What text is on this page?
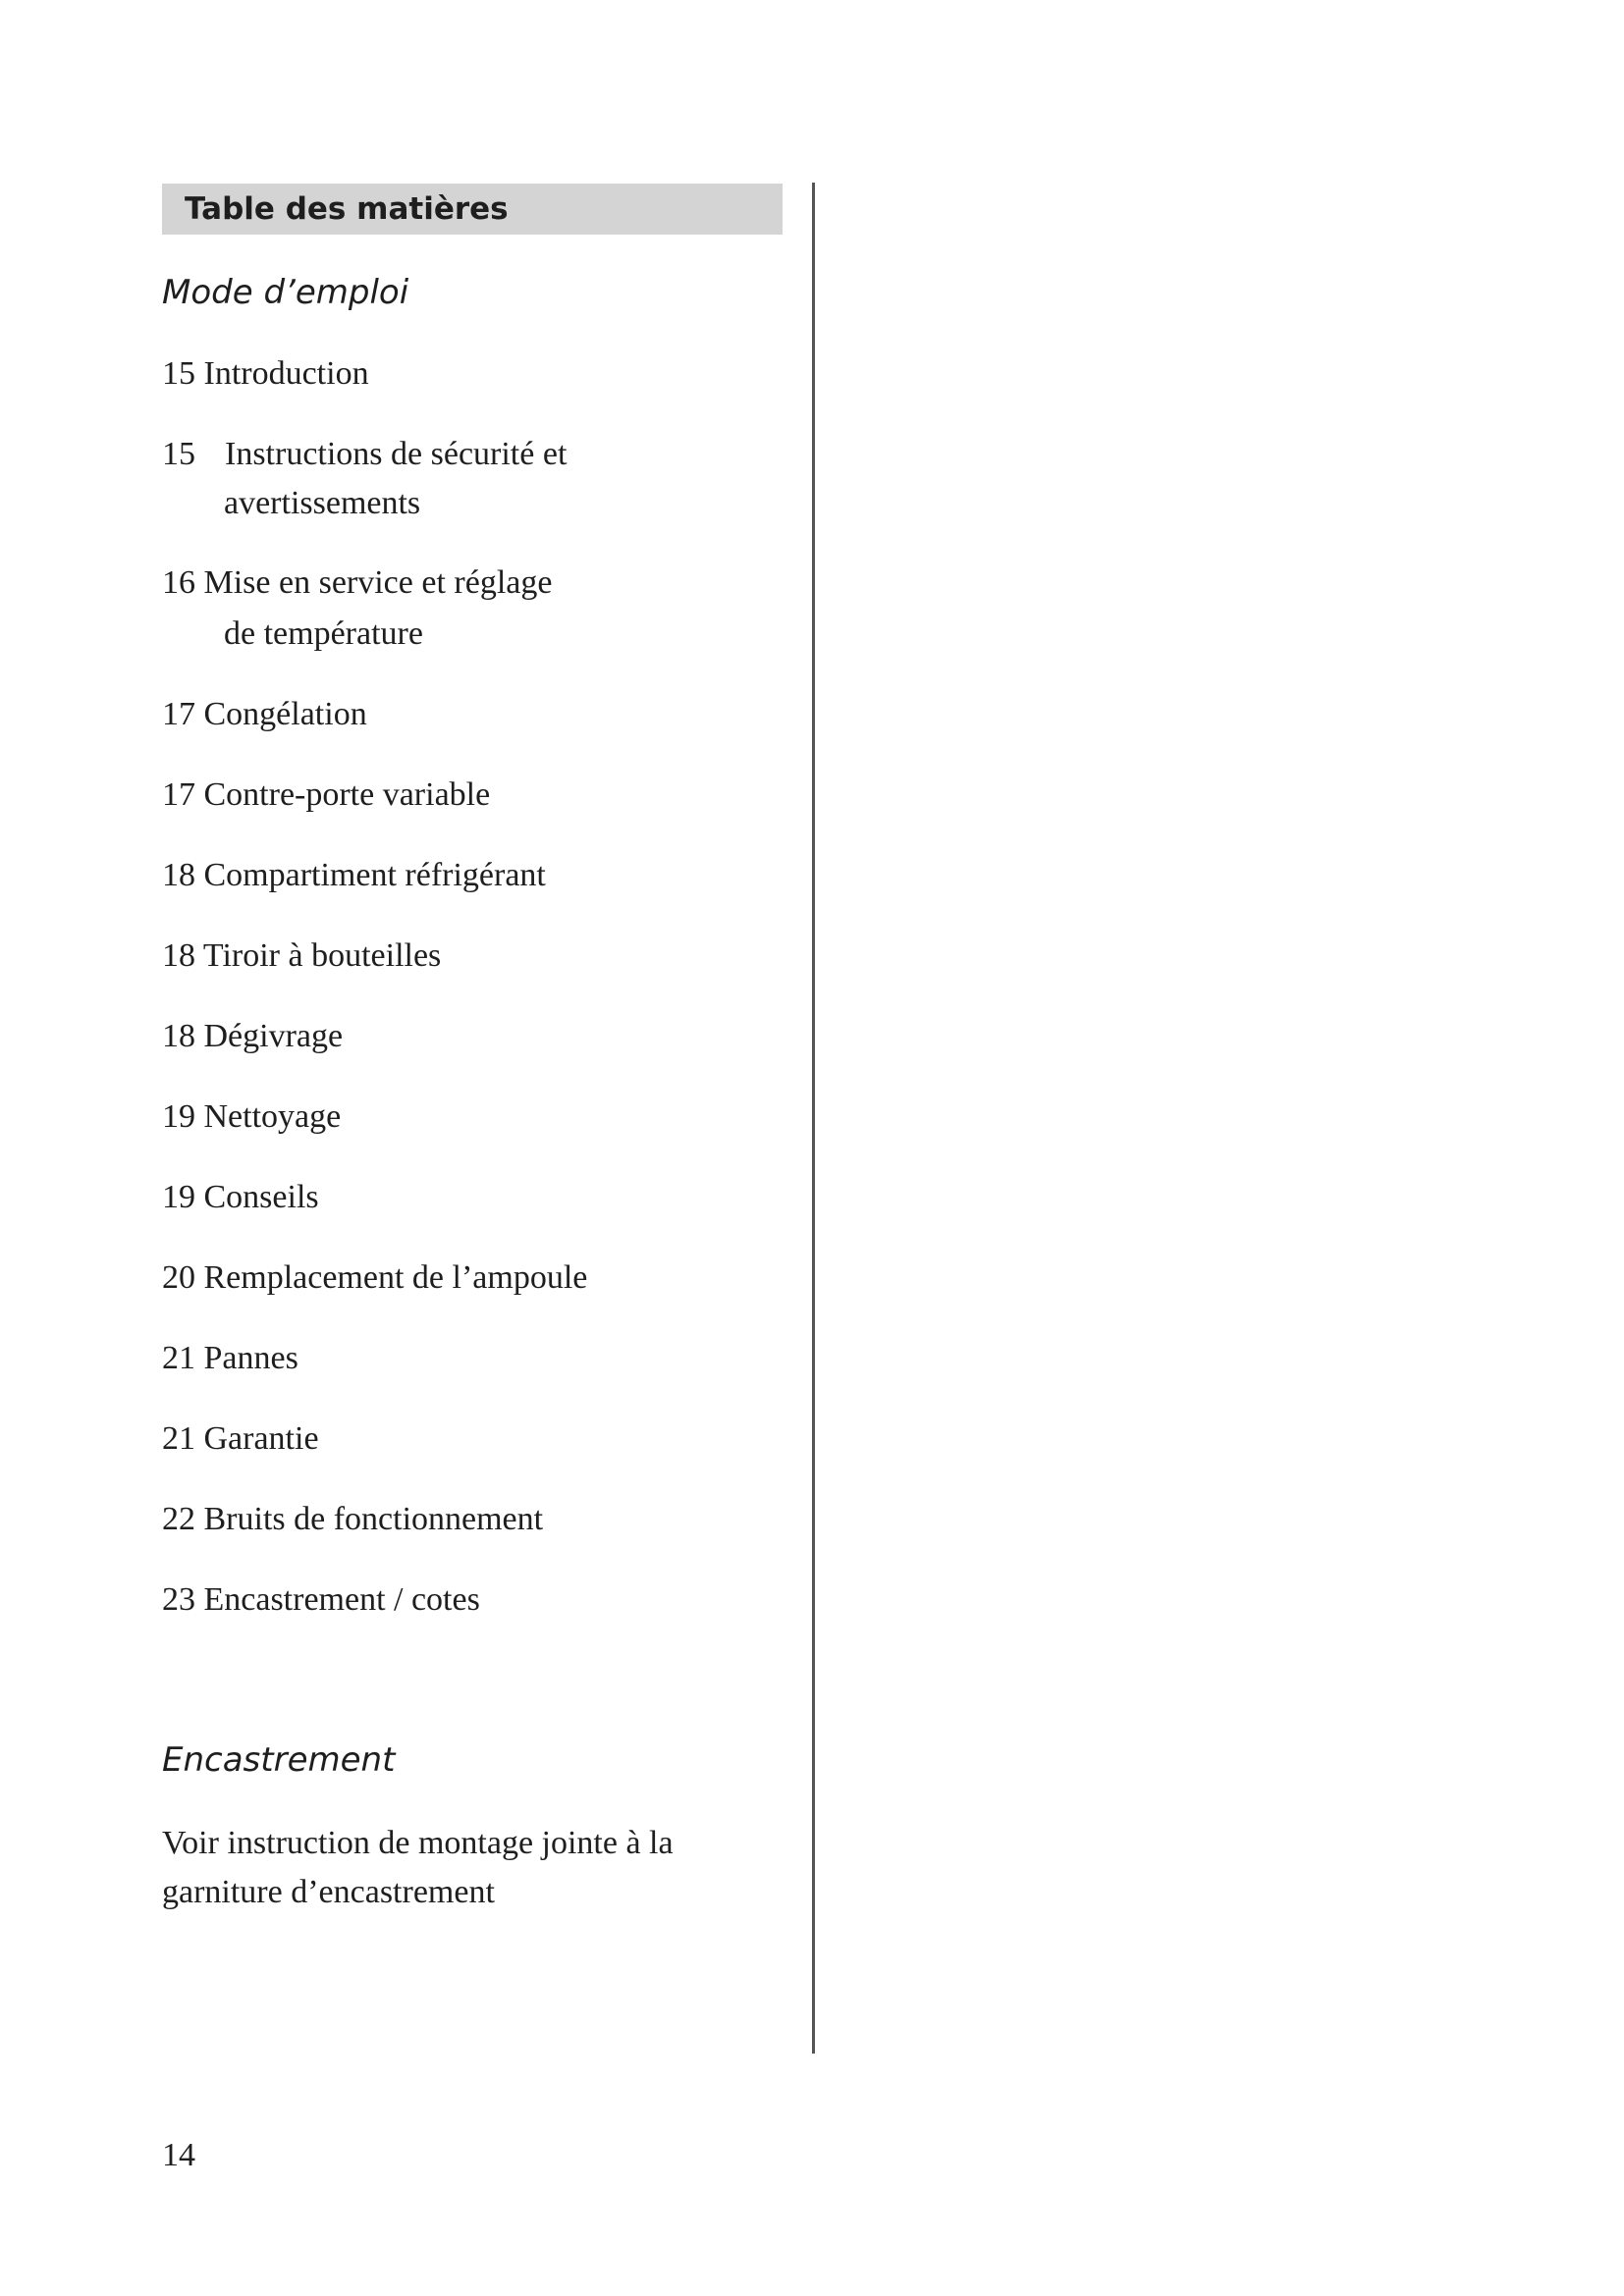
Table des matières
Mode d’emploi
15 Introduction
15 Instructions de sécurité et
avertissements
16 Mise en service et réglage
de température
17 Congélation
17 Contre-porte variable
18 Compartiment réfrigérant
18 Tiroir à bouteilles
18 Dégivrage
19 Nettoyage
19 Conseils
20 Remplacement de l’ampoule
21 Pannes
21 Garantie
22 Bruits de fonctionnement
23 Encastrement / cotes
Encastrement
Voir instruction de montage jointe à la garniture d’encastrement
14
